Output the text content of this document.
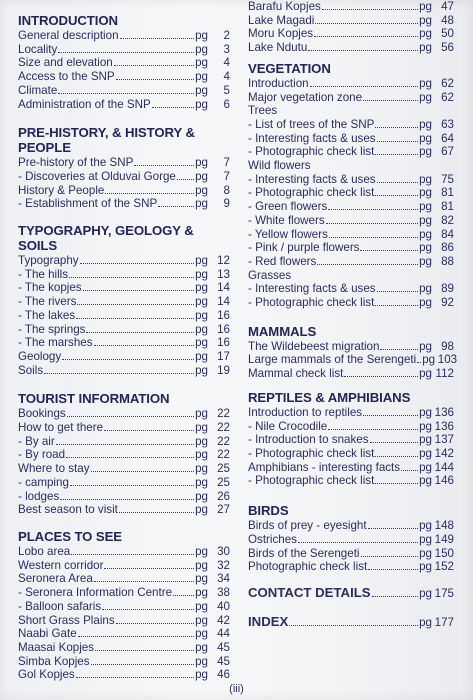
INTRODUCTION
General description	pg	2
Locality	pg	3
Size and elevation	pg	4
Access to the SNP	pg	4
Climate	pg	5
Administration of the SNP	pg	6
PRE-HISTORY, & HISTORY & PEOPLE
Pre-history of the SNP	pg	7
- Discoveries at Olduvai Gorge pg	7
History & People	pg	8
- Establishment of the SNP	pg	9
TYPOGRAPHY, GEOLOGY & SOILS
Typography	pg 12
- The hills	pg 13
- The kopjes	pg 14
- The rivers	pg 14
- The lakes	pg 16
- The springs	pg 16
- The marshes	pg 16
Geology	pg 17
Soils	pg 19
TOURIST INFORMATION
Bookings	pg 22
How to get there	pg 22
- By air	pg 22
- By road	pg 22
Where to stay	pg 25
- camping	pg 25
- lodges	pg 26
Best season to visit	pg 27
PLACES TO SEE
Lobo area	pg 30
Western corridor	pg 32
Seronera Area	pg 34
- Seronera Information Centre pg 38
- Balloon safaris	pg 40
Short Grass Plains	pg 42
Naabi Gate	pg 44
Maasai Kopjes	pg 45
Simba Kopjes	pg 45
Gol Kopjes	pg 46
Barafu Kopjes	pg 47
Lake Magadi	pg 48
Moru Kopjes	pg 50
Lake Ndutu	pg 56
VEGETATION
Introduction	pg 62
Major vegetation zone	pg 62
Trees
- List of trees of the SNP	pg 63
- Interesting facts & uses	pg 64
- Photographic check list	pg 67
Wild flowers
- Interesting facts & uses	pg 75
- Photographic check list	pg 81
- Green flowers	pg 81
- White flowers	pg 82
- Yellow flowers	pg 84
- Pink / purple flowers	pg 86
- Red flowers	pg 88
Grasses
- Interesting facts & uses	pg 89
- Photographic check list	pg 92
MAMMALS
The Wildebeest migration	pg 98
Large mammals of the Serengeti pg 103
Mammal check list	pg 112
REPTILES & AMPHIBIANS
Introduction to reptiles	pg 136
- Nile Crocodile	pg 136
- Introduction to snakes	pg 137
- Photographic check list	pg 142
Amphibians - interesting facts pg 144
- Photographic check list	pg 146
BIRDS
Birds of prey - eyesight	pg 148
Ostriches	pg 149
Birds of the Serengeti	pg 150
Photographic check list	pg 152
CONTACT DETAILS	pg 175
INDEX	pg 177
(iii)
